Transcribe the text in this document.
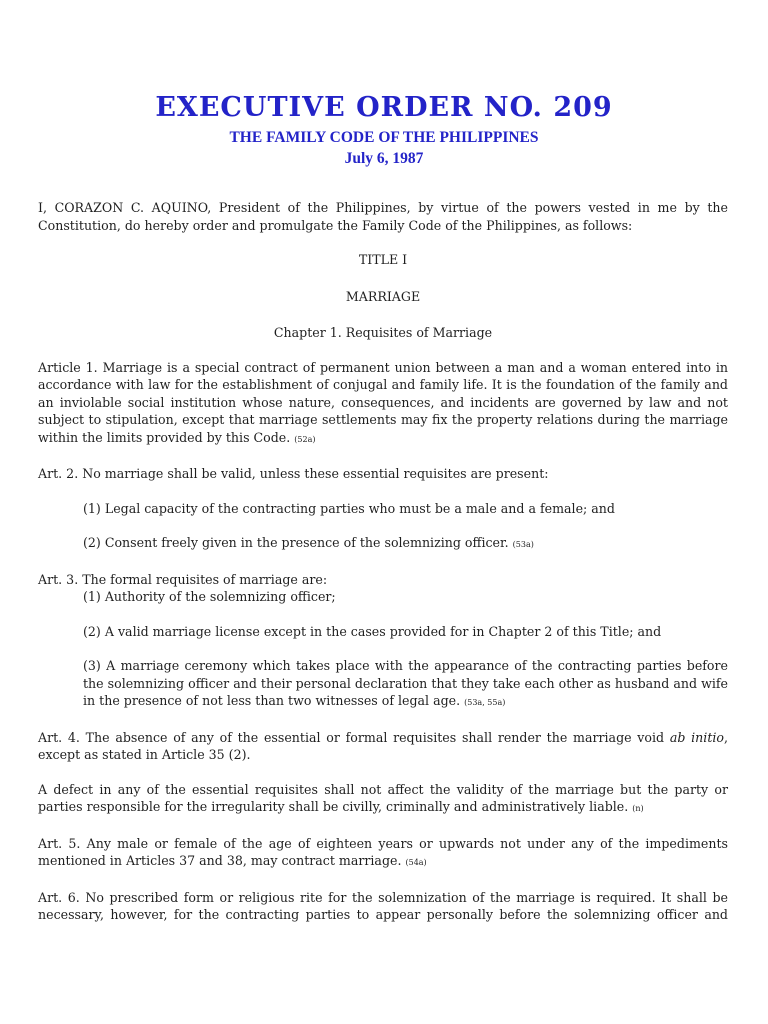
EXECUTIVE ORDER NO. 209
THE FAMILY CODE OF THE PHILIPPINES
July 6, 1987

I, CORAZON C. AQUINO, President of the Philippines, by virtue of the powers vested in me by the Constitution, do hereby order and promulgate the Family Code of the Philippines, as follows:

TITLE I

MARRIAGE

Chapter 1. Requisites of Marriage

Article 1. Marriage is a special contract of permanent union between a man and a woman entered into in accordance with law for the establishment of conjugal and family life. It is the foundation of the family and an inviolable social institution whose nature, consequences, and incidents are governed by law and not subject to stipulation, except that marriage settlements may fix the property relations during the marriage within the limits provided by this Code. (52a)

Art. 2. No marriage shall be valid, unless these essential requisites are present:

(1) Legal capacity of the contracting parties who must be a male and a female; and

(2) Consent freely given in the presence of the solemnizing officer. (53a)

Art. 3. The formal requisites of marriage are:

(1) Authority of the solemnizing officer;

(2) A valid marriage license except in the cases provided for in Chapter 2 of this Title; and

(3) A marriage ceremony which takes place with the appearance of the contracting parties before the solemnizing officer and their personal declaration that they take each other as husband and wife in the presence of not less than two witnesses of legal age. (53a, 55a)

Art. 4. The absence of any of the essential or formal requisites shall render the marriage void ab initio, except as stated in Article 35 (2).

A defect in any of the essential requisites shall not affect the validity of the marriage but the party or parties responsible for the irregularity shall be civilly, criminally and administratively liable. (n)

Art. 5. Any male or female of the age of eighteen years or upwards not under any of the impediments mentioned in Articles 37 and 38, may contract marriage. (54a)

Art. 6. No prescribed form or religious rite for the solemnization of the marriage is required. It shall be necessary, however, for the contracting parties to appear personally before the solemnizing officer and
